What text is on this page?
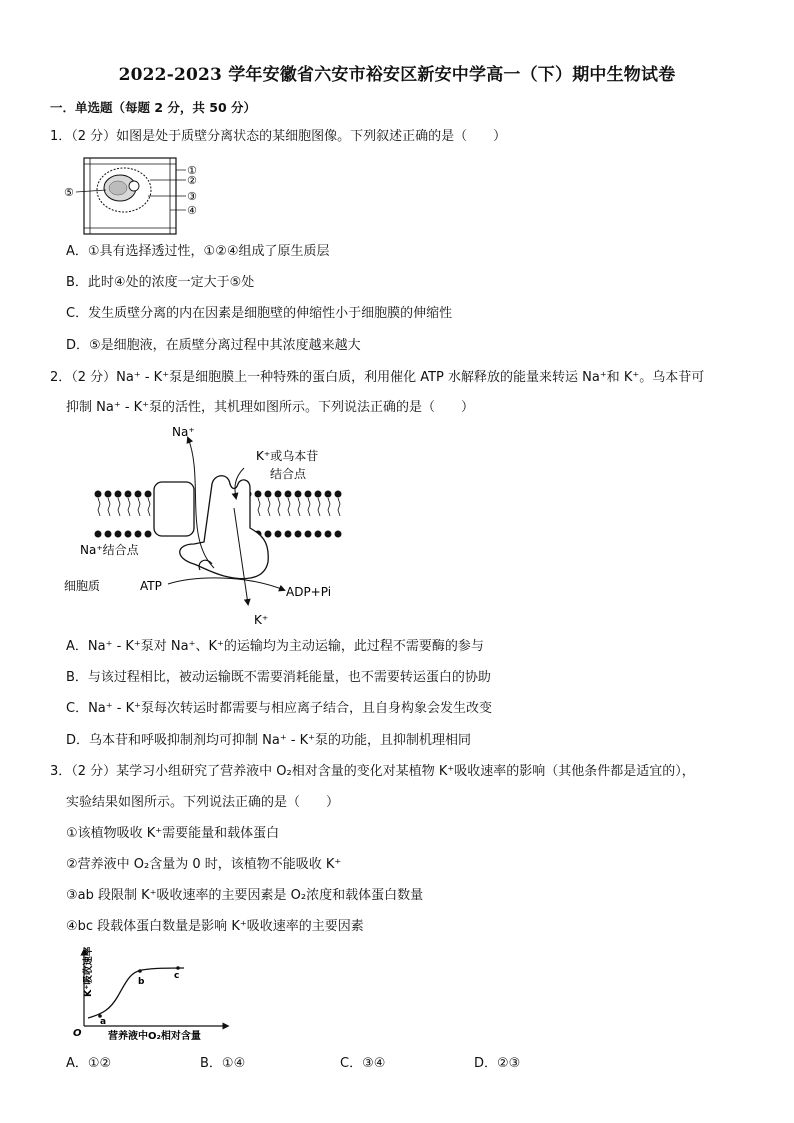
2022-2023 学年安徽省六安市裕安区新安中学高一（下）期中生物试卷
一．单选题（每题 2 分，共 50 分）
1．（2 分）如图是处于质壁分离状态的某细胞图像。下列叙述正确的是（　　）
①
②
③
④
⑤
A．①具有选择透过性，①②④组成了原生质层
B．此时④处的浓度一定大于⑤处
C．发生质壁分离的内在因素是细胞壁的伸缩性小于细胞膜的伸缩性
D．⑤是细胞液，在质壁分离过程中其浓度越来越大
2．（2 分）Na⁺ - K⁺泵是细胞膜上一种特殊的蛋白质，利用催化 ATP 水解释放的能量来转运 Na⁺和 K⁺。乌本苷可
抑制 Na⁺ - K⁺泵的活性，其机理如图所示。下列说法正确的是（　　）
Na⁺
K⁺或乌本苷
结合点
Na⁺结合点
细胞质	ATP	ADP+Pi
K⁺
A．Na⁺ - K⁺泵对 Na⁺、K⁺的运输均为主动运输，此过程不需要酶的参与
B．与该过程相比，被动运输既不需要消耗能量，也不需要转运蛋白的协助
C．Na⁺ - K⁺泵每次转运时都需要与相应离子结合，且自身构象会发生改变
D．乌本苷和呼吸抑制剂均可抑制 Na⁺ - K⁺泵的功能，且抑制机理相同
3．（2 分）某学习小组研究了营养液中 O₂相对含量的变化对某植物 K⁺吸收速率的影响（其他条件都是适宜的），
实验结果如图所示。下列说法正确的是（　　）
①该植物吸收 K⁺需要能量和载体蛋白
②营养液中 O₂含量为 0 时，该植物不能吸收 K⁺
③ab 段限制 K⁺吸收速率的主要因素是 O₂浓度和载体蛋白数量
④bc 段载体蛋白数量是影响 K⁺吸收速率的主要因素
K⁺吸收速率
营养液中O₂相对含量
O
a
b
c
A．①②	B．①④	C．③④	D．②③
